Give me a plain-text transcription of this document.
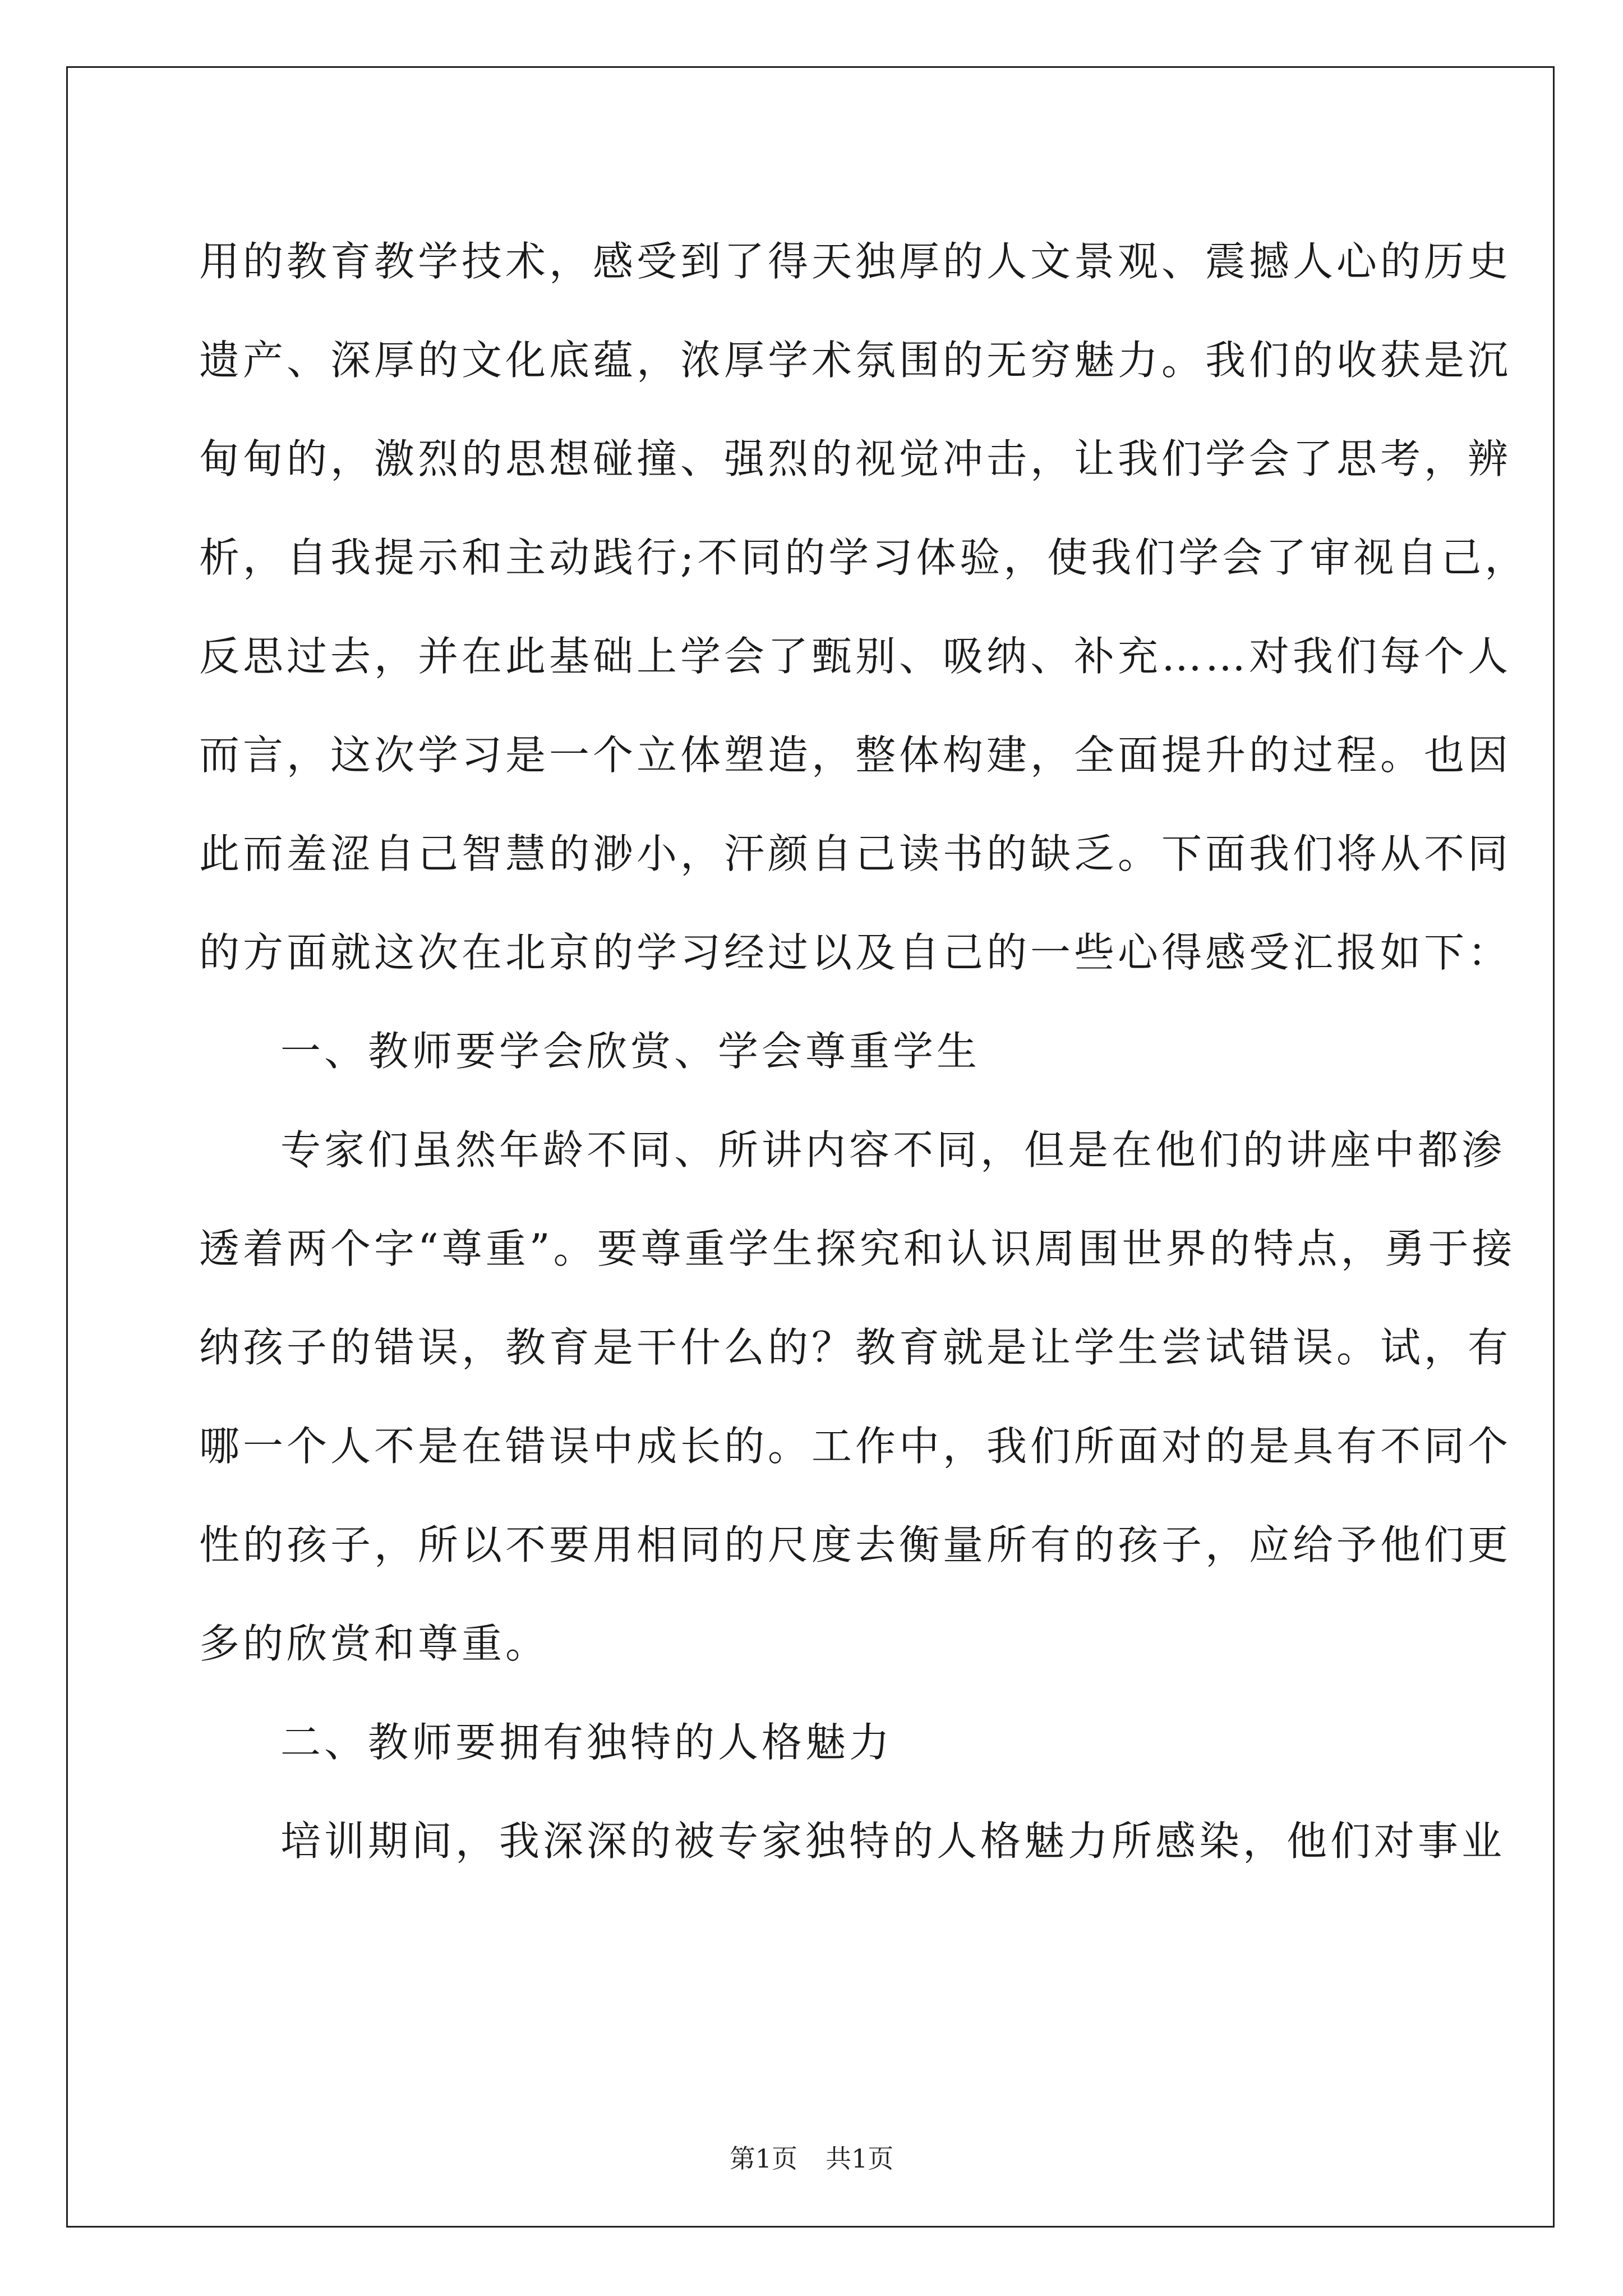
用的教育教学技术，感受到了得天独厚的人文景观、震撼人心的历史
遗产、深厚的文化底蕴，浓厚学术氛围的无穷魅力。我们的收获是沉
甸甸的，激烈的思想碰撞、强烈的视觉冲击，让我们学会了思考，辨
析，自我提示和主动践行;不同的学习体验，使我们学会了审视自己，
反思过去，并在此基础上学会了甄别、吸纳、补充……对我们每个人
而言，这次学习是一个立体塑造，整体构建，全面提升的过程。也因
此而羞涩自己智慧的渺小，汗颜自己读书的缺乏。下面我们将从不同
的方面就这次在北京的学习经过以及自己的一些心得感受汇报如下：
一、教师要学会欣赏、学会尊重学生
专家们虽然年龄不同、所讲内容不同，但是在他们的讲座中都渗
透着两个字“尊重”。要尊重学生探究和认识周围世界的特点，勇于接
纳孩子的错误，教育是干什么的？教育就是让学生尝试错误。试，有
哪一个人不是在错误中成长的。工作中，我们所面对的是具有不同个
性的孩子，所以不要用相同的尺度去衡量所有的孩子，应给予他们更
多的欣赏和尊重。
二、教师要拥有独特的人格魅力
培训期间，我深深的被专家独特的人格魅力所感染，他们对事业
第1页 共1页
